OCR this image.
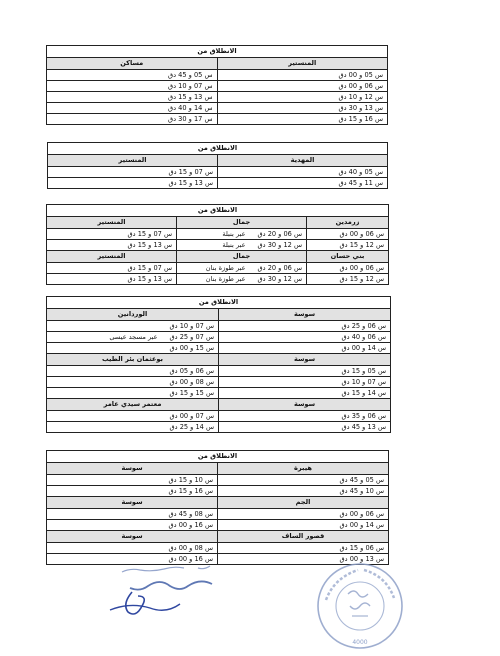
الانطلاق من	
المنستير	مساكن
س 05 و 00 دق	س 05 و 45 دق
س 06 و 00 دق	س 07 و 10 دق
س 12 و 10 دق	س 13 و 15 دق
س 13 و 30 دق	س 14 و 40 دق
س 16 و 15 دق	س 17 و 30 دق
الانطلاق من	
المهدية	المنستير
س 05 و 40 دق	س 07 و 15 دق
س 11 و 45 دق	س 13 و 15 دق
الانطلاق من		
زرمدين	جمال	المنستير
س 06 و 00 دق	س 06 و 20 دقعبر بنبلة	س 07 و 15 دق
س 12 و 15 دق	س 12 و 30 دقعبر بنبلة	س 13 و 15 دق
بني حسان	جمال	المنستير
س 06 و 00 دق	س 06 و 20 دقعبر طوزة بنان	س 07 و 15 دق
س 12 و 15 دق	س 12 و 30 دقعبر طوزة بنان	س 13 و 15 دق
الانطلاق من	
سوسة	الوردانين
س 06 و 25 دق	س 07 و 10 دق
س 06 و 40 دق	س 07 و 25 دقعبر مسجد عيسى
س 14 و 00 دق	س 15 و 00 دق
سوسة	بوعثمان بئر الطيب
س 05 و 15 دق	س 06 و 05 دق
س 07 و 10 دق	س 08 و 00 دق
س 14 و 15 دق	س 15 و 15 دق
سوسة	معتمر سيدي عامر
س 06 و 35 دق	س 07 و 00 دق
س 13 و 45 دق	س 14 و 25 دق
الانطلاق من	
هيبرة	سوسة
س 05 و 45 دق	س 10 و 15 دق
س 10 و 45 دق	س 16 و 15 دق
الجم	سوسة
س 06 و 00 دق	س 08 و 45 دق
س 14 و 00 دق	س 16 و 00 دق
قصور الساف	سوسة
س 06 و 15 دق	س 08 و 00 دق
س 13 و 00 دق	س 16 و 00 دق
4000
